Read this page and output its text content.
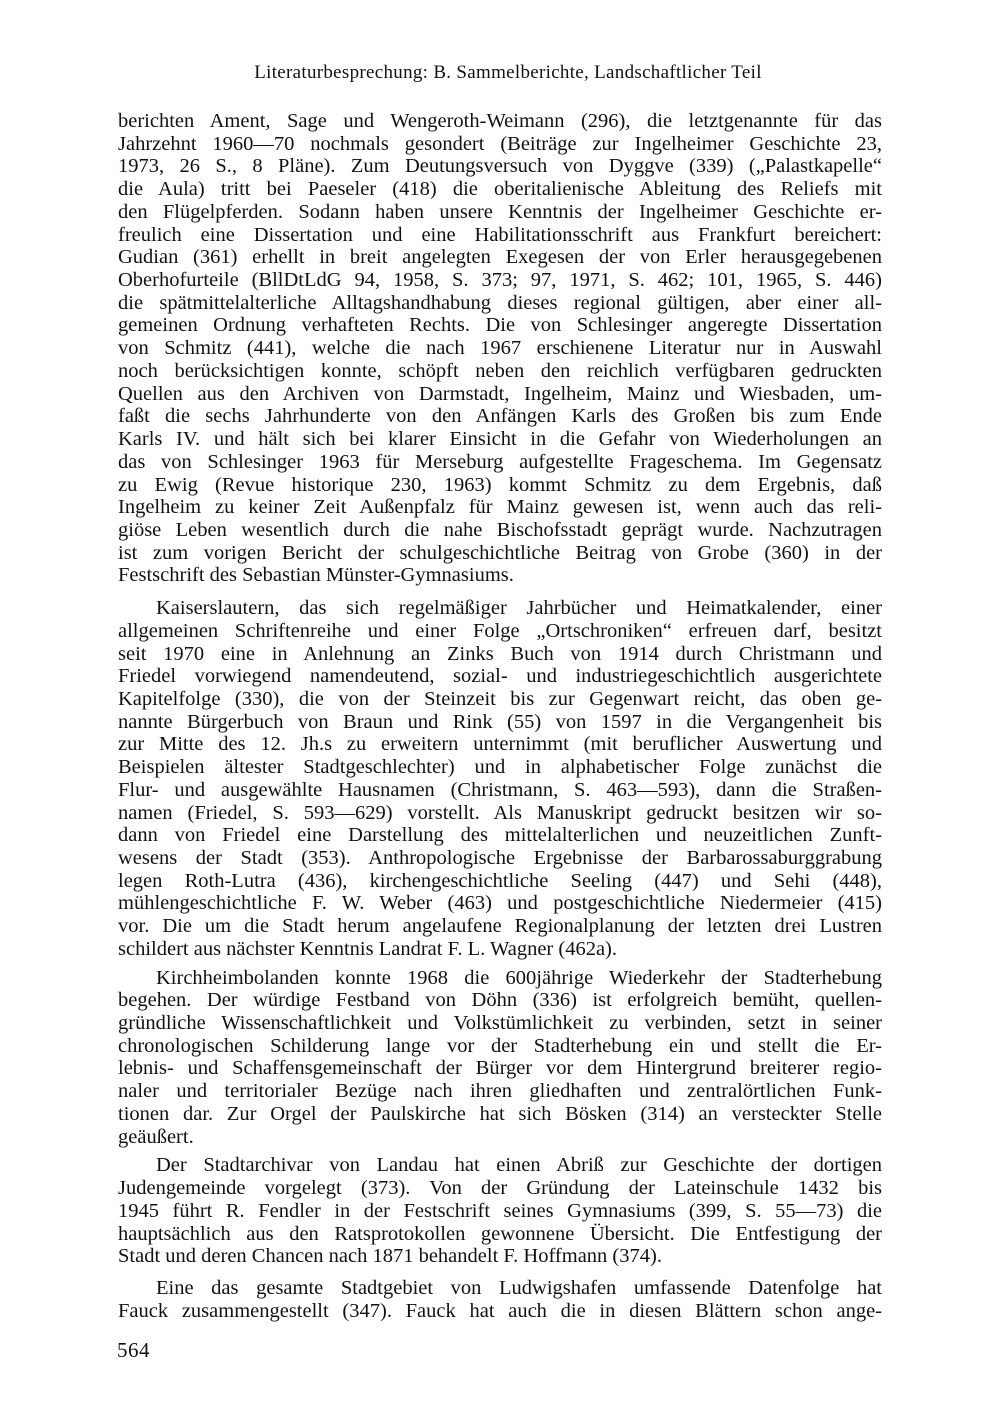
Literaturbesprechung: B. Sammelberichte, Landschaftlicher Teil
berichten Ament, Sage und Wengeroth-Weimann (296), die letztgenannte für das
Jahrzehnt 1960—70 nochmals gesondert (Beiträge zur Ingelheimer Geschichte 23,
1973, 26 S., 8 Pläne). Zum Deutungsversuch von Dyggve (339) („Palastkapelle“
die Aula) tritt bei Paeseler (418) die oberitalienische Ableitung des Reliefs mit
den Flügelpferden. Sodann haben unsere Kenntnis der Ingelheimer Geschichte er-
freulich eine Dissertation und eine Habilitationsschrift aus Frankfurt bereichert:
Gudian (361) erhellt in breit angelegten Exegesen der von Erler herausgegebenen
Oberhofurteile (BllDtLdG 94, 1958, S. 373; 97, 1971, S. 462; 101, 1965, S. 446)
die spätmittelalterliche Alltagshandhabung dieses regional gültigen, aber einer all-
gemeinen Ordnung verhafteten Rechts. Die von Schlesinger angeregte Dissertation
von Schmitz (441), welche die nach 1967 erschienene Literatur nur in Auswahl
noch berücksichtigen konnte, schöpft neben den reichlich verfügbaren gedruckten
Quellen aus den Archiven von Darmstadt, Ingelheim, Mainz und Wiesbaden, um-
faßt die sechs Jahrhunderte von den Anfängen Karls des Großen bis zum Ende
Karls IV. und hält sich bei klarer Einsicht in die Gefahr von Wiederholungen an
das von Schlesinger 1963 für Merseburg aufgestellte Frageschema. Im Gegensatz
zu Ewig (Revue historique 230, 1963) kommt Schmitz zu dem Ergebnis, daß
Ingelheim zu keiner Zeit Außenpfalz für Mainz gewesen ist, wenn auch das reli-
giöse Leben wesentlich durch die nahe Bischofsstadt geprägt wurde. Nachzutragen
ist zum vorigen Bericht der schulgeschichtliche Beitrag von Grobe (360) in der
Festschrift des Sebastian Münster-Gymnasiums.
Kaiserslautern, das sich regelmäßiger Jahrbücher und Heimatkalender, einer
allgemeinen Schriftenreihe und einer Folge „Ortschroniken“ erfreuen darf, besitzt
seit 1970 eine in Anlehnung an Zinks Buch von 1914 durch Christmann und
Friedel vorwiegend namendeutend, sozial- und industriegeschichtlich ausgerichtete
Kapitelfolge (330), die von der Steinzeit bis zur Gegenwart reicht, das oben ge-
nannte Bürgerbuch von Braun und Rink (55) von 1597 in die Vergangenheit bis
zur Mitte des 12. Jh.s zu erweitern unternimmt (mit beruflicher Auswertung und
Beispielen ältester Stadtgeschlechter) und in alphabetischer Folge zunächst die
Flur- und ausgewählte Hausnamen (Christmann, S. 463—593), dann die Straßen-
namen (Friedel, S. 593—629) vorstellt. Als Manuskript gedruckt besitzen wir so-
dann von Friedel eine Darstellung des mittelalterlichen und neuzeitlichen Zunft-
wesens der Stadt (353). Anthropologische Ergebnisse der Barbarossaburggrabung
legen Roth-Lutra (436), kirchengeschichtliche Seeling (447) und Sehi (448),
mühlengeschichtliche F. W. Weber (463) und postgeschichtliche Niedermeier (415)
vor. Die um die Stadt herum angelaufene Regionalplanung der letzten drei Lustren
schildert aus nächster Kenntnis Landrat F. L. Wagner (462a).
Kirchheimbolanden konnte 1968 die 600jährige Wiederkehr der Stadterhebung
begehen. Der würdige Festband von Döhn (336) ist erfolgreich bemüht, quellen-
gründliche Wissenschaftlichkeit und Volkstümlichkeit zu verbinden, setzt in seiner
chronologischen Schilderung lange vor der Stadterhebung ein und stellt die Er-
lebnis- und Schaffensgemeinschaft der Bürger vor dem Hintergrund breiterer regio-
naler und territorialer Bezüge nach ihren gliedhaften und zentralörtlichen Funk-
tionen dar. Zur Orgel der Paulskirche hat sich Bösken (314) an versteckter Stelle
geäußert.
Der Stadtarchivar von Landau hat einen Abriß zur Geschichte der dortigen
Judengemeinde vorgelegt (373). Von der Gründung der Lateinschule 1432 bis
1945 führt R. Fendler in der Festschrift seines Gymnasiums (399, S. 55—73) die
hauptsächlich aus den Ratsprotokollen gewonnene Übersicht. Die Entfestigung der
Stadt und deren Chancen nach 1871 behandelt F. Hoffmann (374).
Eine das gesamte Stadtgebiet von Ludwigshafen umfassende Datenfolge hat
Fauck zusammengestellt (347). Fauck hat auch die in diesen Blättern schon ange-
564
